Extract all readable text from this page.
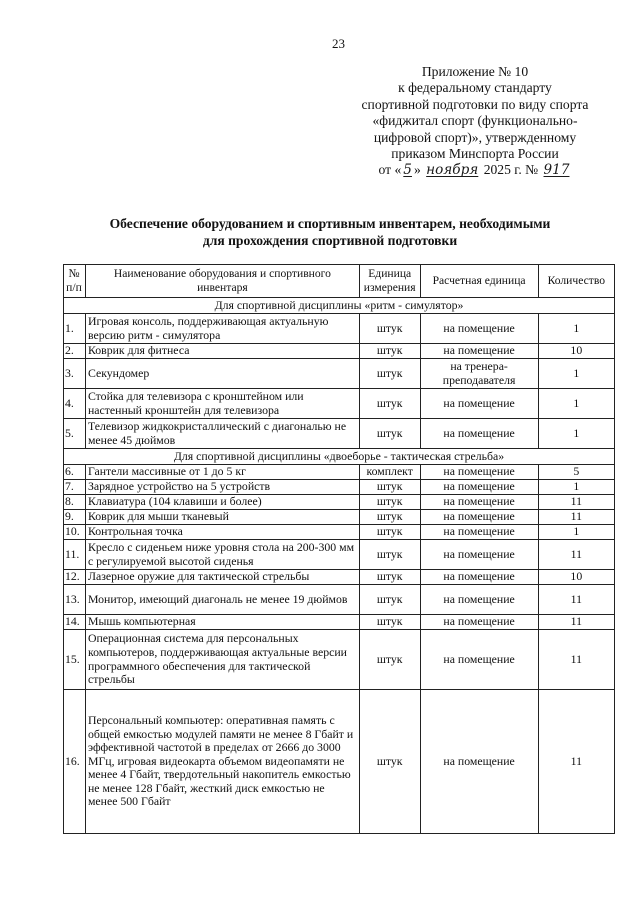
23
Приложение № 10
к федеральному стандарту
спортивной подготовки по виду спорта
«фиджитал спорт (функционально-
цифровой спорт)», утвержденному
приказом Минспорта России
от « 5 » ноября 2025 г. № 917
Обеспечение оборудованием и спортивным инвентарем, необходимыми
для прохождения спортивной подготовки
№ п/п	Наименование оборудования и спортивного инвентаря	Единица измерения	Расчетная единица	Количество
Для спортивной дисциплины «ритм - симулятор»				
1.	Игровая консоль, поддерживающая актуальную версию ритм - симулятора	штук	на помещение	1
2.	Коврик для фитнеса	штук	на помещение	10
3.	Секундомер	штук	на тренера-преподавателя	1
4.	Стойка для телевизора с кронштейном или настенный кронштейн для телевизора	штук	на помещение	1
5.	Телевизор жидкокристаллический с диагональю не менее 45 дюймов	штук	на помещение	1
Для спортивной дисциплины «двоеборье - тактическая стрельба»				
6.	Гантели массивные от 1 до 5 кг	комплект	на помещение	5
7.	Зарядное устройство на 5 устройств	штук	на помещение	1
8.	Клавиатура (104 клавиши и более)	штук	на помещение	11
9.	Коврик для мыши тканевый	штук	на помещение	11
10.	Контрольная точка	штук	на помещение	1
11.	Кресло с сиденьем ниже уровня стола на 200-300 мм с регулируемой высотой сиденья	штук	на помещение	11
12.	Лазерное оружие для тактической стрельбы	штук	на помещение	10
13.	Монитор, имеющий диагональ не менее 19 дюймов	штук	на помещение	11
14.	Мышь компьютерная	штук	на помещение	11
15.	Операционная система для персональных компьютеров, поддерживающая актуальные версии программного обеспечения для тактической стрельбы	штук	на помещение	11
16.	Персональный компьютер: оперативная память с общей емкостью модулей памяти не менее 8 Гбайт и эффективной частотой в пределах от 2666 до 3000 МГц, игровая видеокарта объемом видеопамяти не менее 4 Гбайт, твердотельный накопитель емкостью не менее 128 Гбайт, жесткий диск емкостью не менее 500 Гбайт	штук	на помещение	11
